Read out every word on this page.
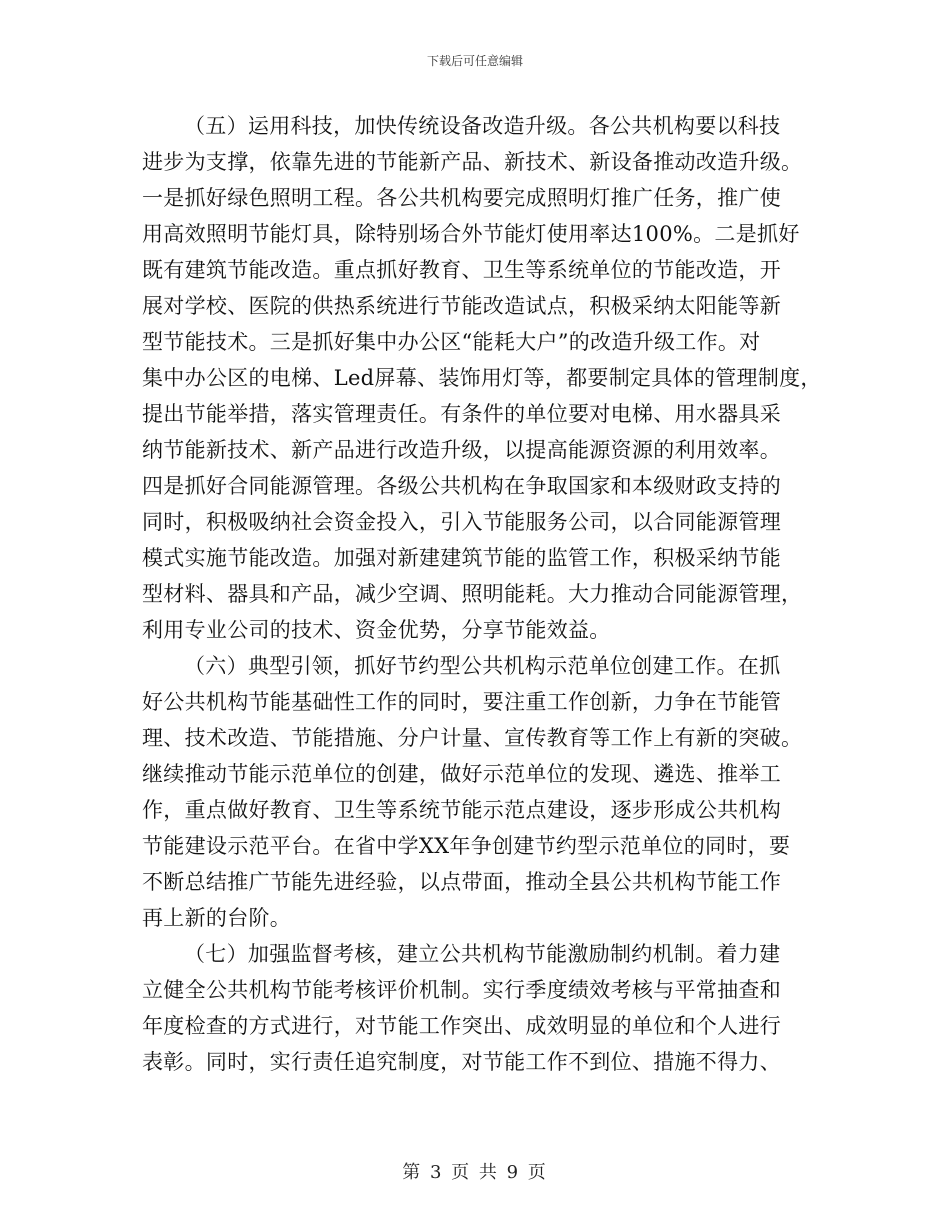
下载后可任意编辑
（五）运用科技，加快传统设备改造升级。各公共机构要以科技
进步为支撑，依靠先进的节能新产品、新技术、新设备推动改造升级。
一是抓好绿色照明工程。各公共机构要完成照明灯推广任务，推广使
用高效照明节能灯具，除特别场合外节能灯使用率达100%。二是抓好
既有建筑节能改造。重点抓好教育、卫生等系统单位的节能改造，开
展对学校、医院的供热系统进行节能改造试点，积极采纳太阳能等新
型节能技术。三是抓好集中办公区“能耗大户”的改造升级工作。对
集中办公区的电梯、Led屏幕、装饰用灯等，都要制定具体的管理制度，
提出节能举措，落实管理责任。有条件的单位要对电梯、用水器具采
纳节能新技术、新产品进行改造升级，以提高能源资源的利用效率。
四是抓好合同能源管理。各级公共机构在争取国家和本级财政支持的
同时，积极吸纳社会资金投入，引入节能服务公司，以合同能源管理
模式实施节能改造。加强对新建建筑节能的监管工作，积极采纳节能
型材料、器具和产品，减少空调、照明能耗。大力推动合同能源管理，
利用专业公司的技术、资金优势，分享节能效益。
（六）典型引领，抓好节约型公共机构示范单位创建工作。在抓
好公共机构节能基础性工作的同时，要注重工作创新，力争在节能管
理、技术改造、节能措施、分户计量、宣传教育等工作上有新的突破。
继续推动节能示范单位的创建，做好示范单位的发现、遴选、推举工
作，重点做好教育、卫生等系统节能示范点建设，逐步形成公共机构
节能建设示范平台。在省中学XX年争创建节约型示范单位的同时，要
不断总结推广节能先进经验，以点带面，推动全县公共机构节能工作
再上新的台阶。
（七）加强监督考核，建立公共机构节能激励制约机制。着力建
立健全公共机构节能考核评价机制。实行季度绩效考核与平常抽查和
年度检查的方式进行，对节能工作突出、成效明显的单位和个人进行
表彰。同时，实行责任追究制度，对节能工作不到位、措施不得力、
第 3 页 共 9 页
